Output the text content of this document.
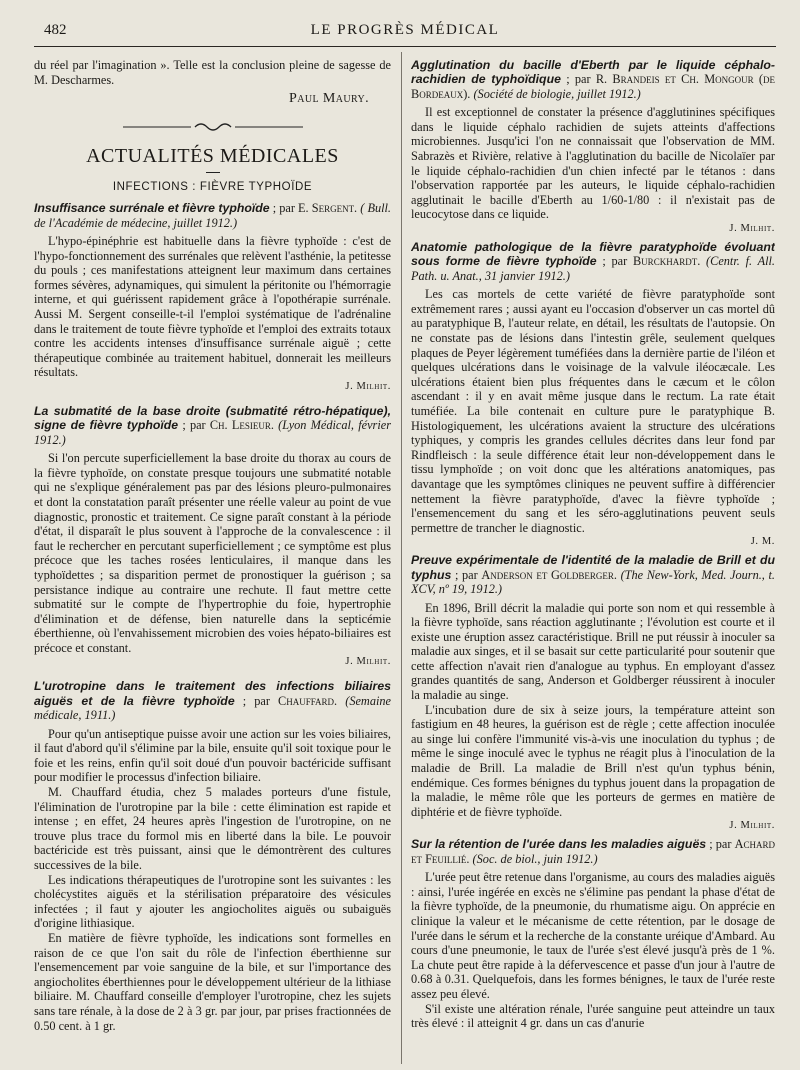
482	LE PROGRÈS MÉDICAL

du réel par l'imagination ». Telle est la conclusion pleine de sagesse de M. Descharmes.

Paul Maury.
ACTUALITÉS MÉDICALES
INFECTIONS : FIÈVRE TYPHOÏDE
Insuffisance surrénale et fièvre typhoïde ; par E. Sergent. ( Bull. de l'Académie de médecine, juillet 1912.)

L'hypo-épinéphrie est habituelle dans la fièvre typhoïde : c'est de l'hypo-fonctionnement des surrénales que relèvent l'asthénie, la petitesse du pouls ; ces manifestations atteignent leur maximum dans certaines formes sévères, adynamiques, qui simulent la péritonite ou l'hémorragie interne, et qui guérissent rapidement grâce à l'opothérapie surrénale. Aussi M. Sergent conseille-t-il l'emploi systématique de l'adrénaline dans le traitement de toute fièvre typhoïde et l'emploi des extraits totaux contre les accidents intenses d'insuffisance surrénale aiguë ; cette thérapeutique combinée au traitement habituel, donnerait les meilleurs résultats.

J. Milhit.
La submatité de la base droite (submatité rétro-hépatique), signe de fièvre typhoïde ; par Ch. Lesieur. (Lyon Médical, février 1912.)

Si l'on percute superficiellement la base droite du thorax au cours de la fièvre typhoïde, on constate presque toujours une submatité notable qui ne s'explique généralement pas par des lésions pleuro-pulmonaires et dont la constatation paraît présenter une réelle valeur au point de vue diagnostic, pronostic et traitement. Ce signe paraît constant à la période d'état, il disparaît le plus souvent à l'approche de la convalescence : il faut le rechercher en percutant superficiellement ; ce symptôme est plus précoce que les taches rosées lenticulaires, il manque dans les typhoïdettes ; sa disparition permet de pronostiquer la guérison ; sa persistance indique au contraire une rechute. Il faut mettre cette submatité sur le compte de l'hypertrophie du foie, hypertrophie d'élimination et de défense, bien naturelle dans la septicémie éberthienne, où l'envahissement microbien des voies hépato-biliaires est précoce et constant.

J. Milhit.
L'urotropine dans le traitement des infections biliaires aiguës et de la fièvre typhoïde ; par Chauffard. (Semaine médicale, 1911.)

Pour qu'un antiseptique puisse avoir une action sur les voies biliaires, il faut d'abord qu'il s'élimine par la bile, ensuite qu'il soit toxique pour le foie et les reins, enfin qu'il soit doué d'un pouvoir bactéricide suffisant pour modifier le processus d'infection biliaire.

M. Chauffard étudia, chez 5 malades porteurs d'une fistule, l'élimination de l'urotropine par la bile : cette élimination est rapide et intense ; en effet, 24 heures après l'ingestion de l'urotropine, on ne trouve plus trace du formol mis en liberté dans la bile. Le pouvoir bactéricide est très puissant, ainsi que le démontrèrent des cultures successives de la bile.

Les indications thérapeutiques de l'urotropine sont les suivantes : les cholécystites aiguës et la stérilisation préparatoire des vésicules infectées ; il faut y ajouter les angiocholites aiguës ou subaiguës d'origine lithiasique.

En matière de fièvre typhoïde, les indications sont formelles en raison de ce que l'on sait du rôle de l'infection éberthienne sur l'ensemencement par voie sanguine de la bile, et sur l'importance des angiocholites éberthiennes pour le développement ultérieur de la lithiase biliaire. M. Chauffard conseille d'employer l'urotropine, chez les sujets sans tare rénale, à la dose de 2 à 3 gr. par jour, par prises fractionnées de 0.50 cent. à 1 gr.

Agglutination du bacille d'Eberth par le liquide céphalo-rachidien de typhoïdique ; par R. Brandeis et Ch. Mongour (de Bordeaux). (Société de biologie, juillet 1912.)

Il est exceptionnel de constater la présence d'agglutinines spécifiques dans le liquide céphalo rachidien de sujets atteints d'affections microbiennes. Jusqu'ici l'on ne connaissait que l'observation de MM. Sabrazès et Rivière, relative à l'agglutination du bacille de Nicolaïer par le liquide céphalo-rachidien d'un chien infecté par le tétanos : dans l'observation rapportée par les auteurs, le liquide céphalo-rachidien agglutinait le bacille d'Eberth au 1/60-1/80 : il n'existait pas de leucocytose dans ce liquide.

J. Milhit.
Anatomie pathologique de la fièvre paratyphoïde évoluant sous forme de fièvre typhoïde ; par Burckhardt. (Centr. f. All. Path. u. Anat., 31 janvier 1912.)

Les cas mortels de cette variété de fièvre paratyphoïde sont extrêmement rares ; aussi ayant eu l'occasion d'observer un cas mortel dû au paratyphique B, l'auteur relate, en détail, les résultats de l'autopsie. On ne constate pas de lésions dans l'intestin grêle, seulement quelques plaques de Peyer légèrement tuméfiées dans la dernière partie de l'iléon et quelques ulcérations dans le voisinage de la valvule iléocæcale. Les ulcérations étaient bien plus fréquentes dans le cæcum et le côlon ascendant : il y en avait même jusque dans le rectum. La rate était tuméfiée. La bile contenait en culture pure le paratyphique B. Histologiquement, les ulcérations avaient la structure des ulcérations typhiques, y compris les grandes cellules décrites dans leur fond par Rindfleisch : la seule différence était leur non-développement dans le tissu lymphoïde ; on voit donc que les altérations anatomiques, pas davantage que les symptômes cliniques ne peuvent suffire à différencier nettement la fièvre paratyphoïde, d'avec la fièvre typhoïde ; l'ensemencement du sang et les séro-agglutinations peuvent seuls permettre de trancher le diagnostic.

J. M.
Preuve expérimentale de l'identité de la maladie de Brill et du typhus ; par Anderson et Goldberger. (The New-York, Med. Journ., t. XCV, nº 19, 1912.)

En 1896, Brill décrit la maladie qui porte son nom et qui ressemble à la fièvre typhoïde, sans réaction agglutinante ; l'évolution est courte et il existe une éruption assez caractéristique. Brill ne put réussir à inoculer sa maladie aux singes, et il se basait sur cette particularité pour soutenir que cette affection n'avait rien d'analogue au typhus. En employant d'assez grandes quantités de sang, Anderson et Goldberger réussirent à inoculer la maladie au singe.

L'incubation dure de six à seize jours, la température atteint son fastigium en 48 heures, la guérison est de règle ; cette affection inoculée au singe lui confère l'immunité vis-à-vis une inoculation du typhus ; de même le singe inoculé avec le typhus ne réagit plus à l'inoculation de la maladie de Brill. La maladie de Brill n'est qu'un typhus bénin, endémique. Ces formes bénignes du typhus jouent dans la propagation de la maladie, le même rôle que les porteurs de germes en matière de diphtérie et de fièvre typhoïde.

J. Milhit.
Sur la rétention de l'urée dans les maladies aiguës ; par Achard et Feuillié. (Soc. de biol., juin 1912.)

L'urée peut être retenue dans l'organisme, au cours des maladies aiguës : ainsi, l'urée ingérée en excès ne s'élimine pas pendant la phase d'état de la fièvre typhoïde, de la pneumonie, du rhumatisme aigu. On apprécie en clinique la valeur et le mécanisme de cette rétention, par le dosage de l'urée dans le sérum et la recherche de la constante uréique d'Ambard. Au cours d'une pneumonie, le taux de l'urée s'est élevé jusqu'à près de 1 %. La chute peut être rapide à la défervescence et passe d'un jour à l'autre de 0.68 à 0.31. Quelquefois, dans les formes bénignes, le taux de l'urée reste assez peu élevé.

S'il existe une altération rénale, l'urée sanguine peut atteindre un taux très élevé : il atteignit 4 gr. dans un cas d'anurie
